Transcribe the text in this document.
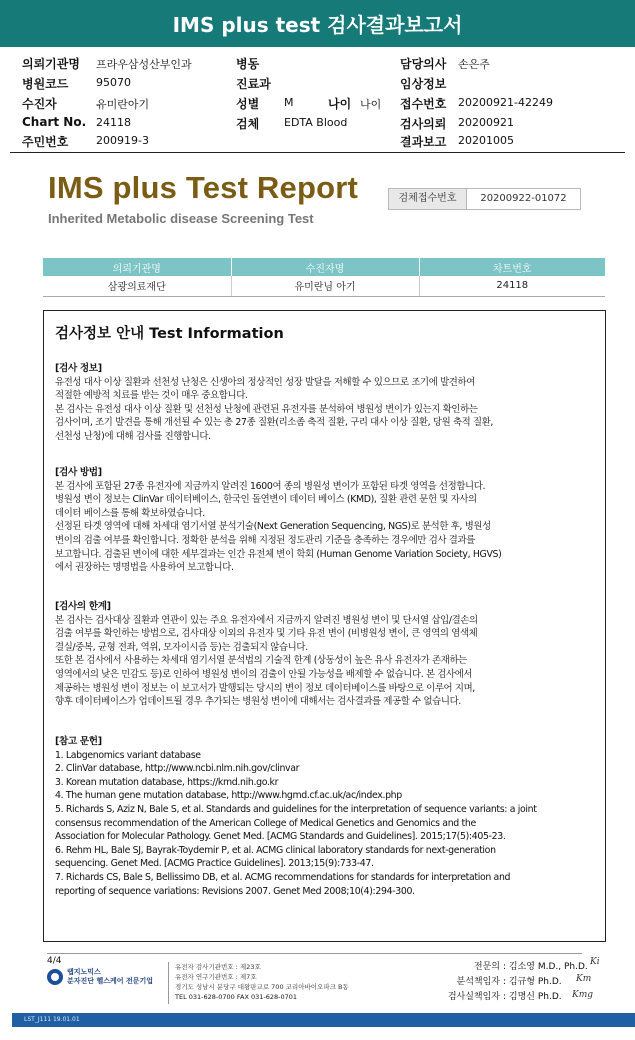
IMS plus test 검사결과보고서
의뢰기관명 프라우삼성산부인과	병동	담당의사 손은주
병원코드	95070	진료과	임상정보
수진자	유미란아기	성별 M	나이 나이 접수번호 20200921-42249
Chart No. 24118	검체 EDTA Blood	검사의뢰 20200921
주민번호	200919-3	결과보고 20201005
IMS plus Test Report
Inherited Metabolic disease Screening Test
검체접수번호	20200922-01072
의뢰기관명	수진자명	차트번호
삼광의료재단	유미란님 아기	24118
검사정보 안내 Test Information
[검사 정보]

유전성 대사 이상 질환과 선천성 난청은 신생아의 정상적인 성장 발달을 저해할 수 있으므로 조기에 발견하여
적절한 예방적 치료를 받는 것이 매우 중요합니다.
본 검사는 유전성 대사 이상 질환 및 선천성 난청에 관련된 유전자를 분석하여 병원성 변이가 있는지 확인하는
검사이며, 조기 발견을 통해 개선될 수 있는 총 27종 질환(리소좀 축적 질환, 구리 대사 이상 질환, 당원 축적 질환,
선천성 난청)에 대해 검사를 진행합니다.

[검사 방법]

본 검사에 포함된 27종 유전자에 지금까지 알려진 1600여 종의 병원성 변이가 포함된 타겟 영역을 선정합니다.
병원성 변이 정보는 ClinVar 데이터베이스, 한국인 돌연변이 데이터 베이스 (KMD), 질환 관련 문헌 및 자사의
데이터 베이스를 통해 확보하였습니다.
선정된 타겟 영역에 대해 차세대 염기서열 분석기술(Next Generation Sequencing, NGS)로 분석한 후, 병원성
변이의 검출 여부를 확인합니다. 정확한 분석을 위해 지정된 정도관리 기준을 충족하는 경우에만 검사 결과를
보고합니다. 검출된 변이에 대한 세부결과는 인간 유전체 변이 학회 (Human Genome Variation Society, HGVS)
에서 권장하는 명명법을 사용하여 보고합니다.

[검사의 한계]

본 검사는 검사대상 질환과 연관이 있는 주요 유전자에서 지금까지 알려진 병원성 변이 및 단서열 삽입/결손의
검출 여부를 확인하는 방법으로, 검사대상 이외의 유전자 및 기타 유전 변이 (비병원성 변이, 큰 영역의 염색체
결실/중복, 균형 전좌, 역위, 모자이시즘 등)는 검출되지 않습니다.
또한 본 검사에서 사용하는 차세대 염기서열 분석법의 기술적 한계 (상동성이 높은 유사 유전자가 존재하는
영역에서의 낮은 민감도 등)로 인하여 병원성 변이의 검출이 안될 가능성을 배제할 수 없습니다. 본 검사에서
제공하는 병원성 변이 정보는 이 보고서가 발행되는 당시의 변이 정보 데이터베이스를 바탕으로 이루어 지며,
향후 데이터베이스가 업데이트될 경우 추가되는 병원성 변이에 대해서는 검사결과를 제공할 수 없습니다.

[참고 문헌]
1. Labgenomics variant database
2. ClinVar database, http://www.ncbi.nlm.nih.gov/clinvar
3. Korean mutation database, https://kmd.nih.go.kr
4. The human gene mutation database, http://www.hgmd.cf.ac.uk/ac/index.php
5. Richards S, Aziz N, Bale S, et al. Standards and guidelines for the interpretation of sequence variants: a joint
consensus recommendation of the American College of Medical Genetics and Genomics and the
Association for Molecular Pathology. Genet Med. [ACMG Standards and Guidelines]. 2015;17(5):405-23.
6. Rehm HL, Bale SJ, Bayrak-Toydemir P, et al. ACMG clinical laboratory standards for next-generation
sequencing. Genet Med. [ACMG Practice Guidelines]. 2013;15(9):733-47.
7. Richards CS, Bale S, Bellissimo DB, et al. ACMG recommendations for standards for interpretation and
reporting of sequence variations: Revisions 2007. Genet Med 2008;10(4):294-300.
4/4
랩지노믹스
분자진단 헬스케어 전문기업
유전자 검사기관번호 : 제23호
유전자 연구기관번호 : 제7호
경기도 성남시 분당구 대왕판교로 700 코리아바이오파크 B동
TEL 031-628-0700 FAX 031-628-0701
전문의 : 김소영 M.D., Ph.D.
분석책임자 : 김규형 Ph.D.
검사실책임자 : 김명신 Ph.D.
Ki
Km
Kmg
LST_J111 19.01.01
